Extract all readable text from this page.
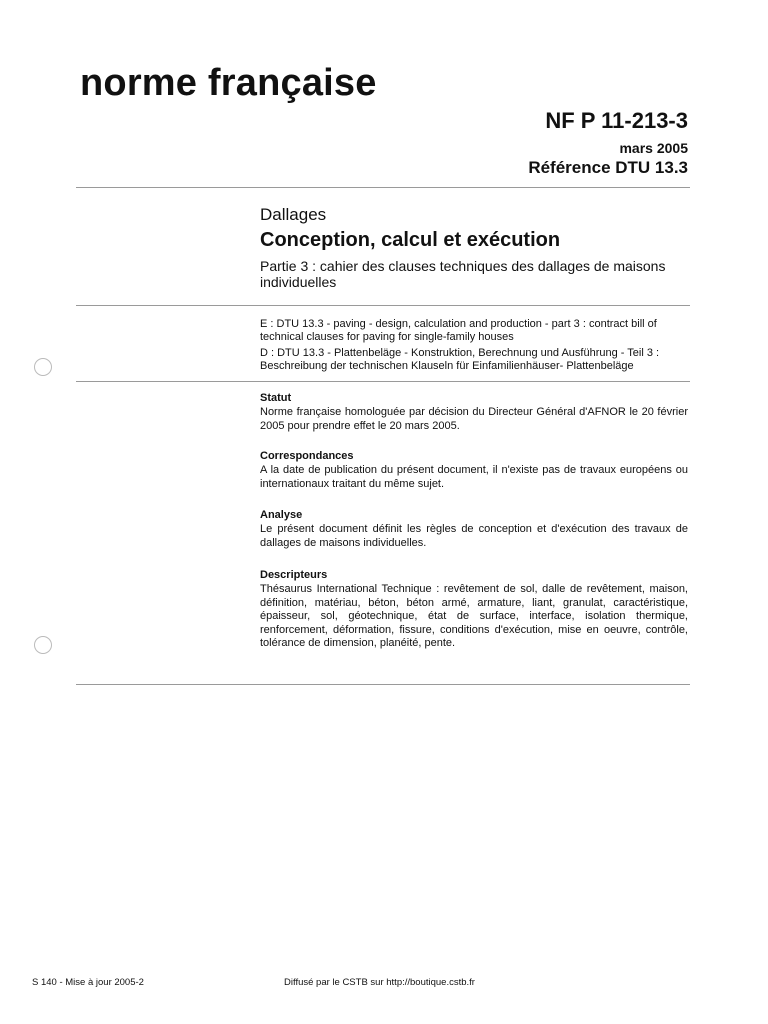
norme française
NF P 11-213-3
mars 2005
Référence DTU 13.3
Dallages
Conception, calcul et exécution
Partie 3 : cahier des clauses techniques des dallages de maisons individuelles
E : DTU 13.3 - paving - design, calculation and production - part 3 : contract bill of technical clauses for paving for single-family houses
D : DTU 13.3 - Plattenbeläge - Konstruktion, Berechnung und Ausführung - Teil 3 : Beschreibung der technischen Klauseln für Einfamilienhäuser- Plattenbeläge
Statut
Norme française homologuée par décision du Directeur Général d'AFNOR le 20 février 2005 pour prendre effet le 20 mars 2005.
Correspondances
A la date de publication du présent document, il n'existe pas de travaux européens ou internationaux traitant du même sujet.
Analyse
Le présent document définit les règles de conception et d'exécution des travaux de dallages de maisons individuelles.
Descripteurs
Thésaurus International Technique : revêtement de sol, dalle de revêtement, maison, définition, matériau, béton, béton armé, armature, liant, granulat, caractéristique, épaisseur, sol, géotechnique, état de surface, interface, isolation thermique, renforcement, déformation, fissure, conditions d'exécution, mise en oeuvre, contrôle, tolérance de dimension, planéité, pente.
S 140 - Mise à jour 2005-2	Diffusé par le CSTB sur http://boutique.cstb.fr
